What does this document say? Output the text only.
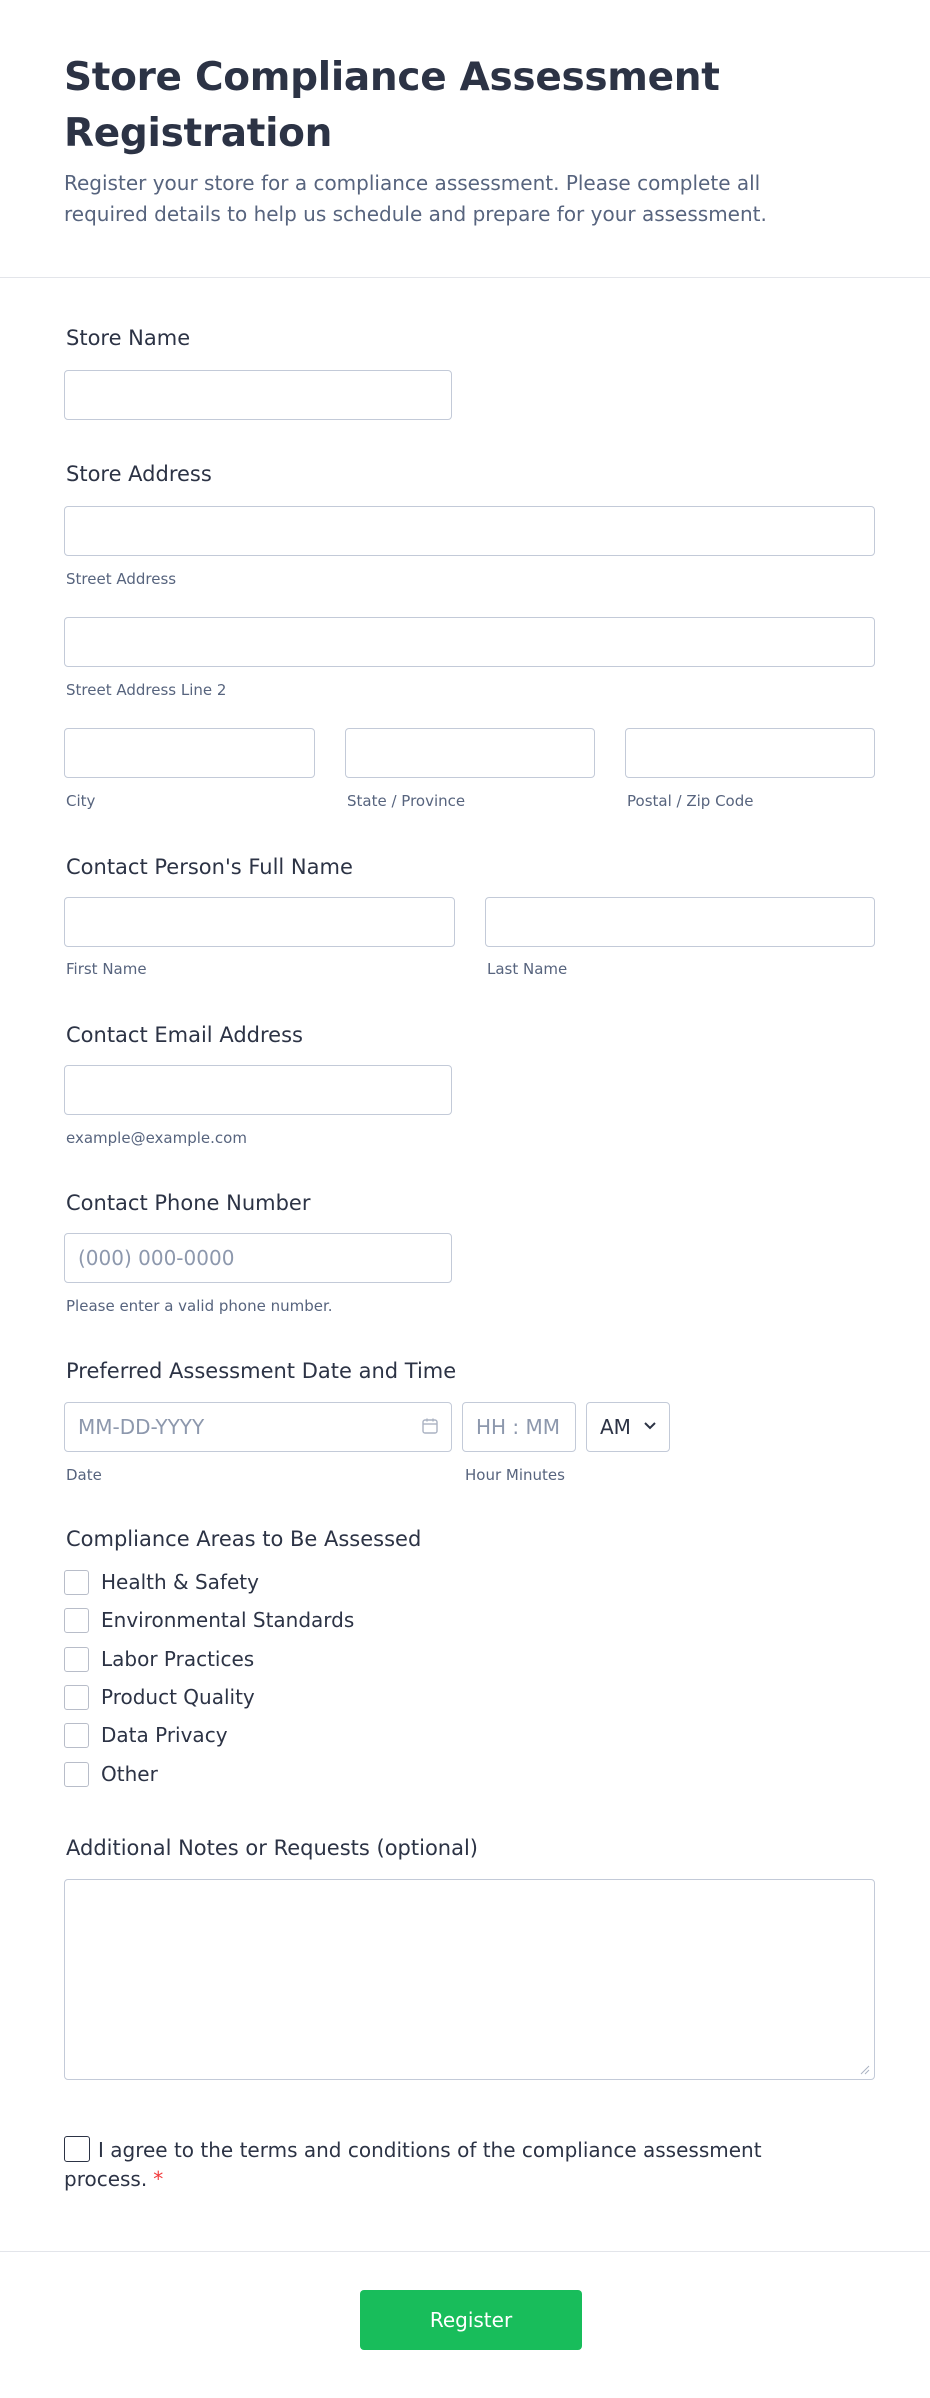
Store Compliance Assessment Registration

Register your store for a compliance assessment. Please complete all required details to help us schedule and prepare for your assessment.

Store Name
Store Address
Street Address
Street Address Line 2
City	State / Province	Postal / Zip Code
Contact Person's Full Name
First Name	Last Name
Contact Email Address
example@example.com
Contact Phone Number
(000) 000-0000
Please enter a valid phone number.
Preferred Assessment Date and Time
MM-DD-YYYY
Date
HH : MM
Hour Minutes
AM
Compliance Areas to Be Assessed
Health & Safety
Environmental Standards
Labor Practices
Product Quality
Data Privacy
Other
Additional Notes or Requests (optional)
I agree to the terms and conditions of the compliance assessment process. *
Register
